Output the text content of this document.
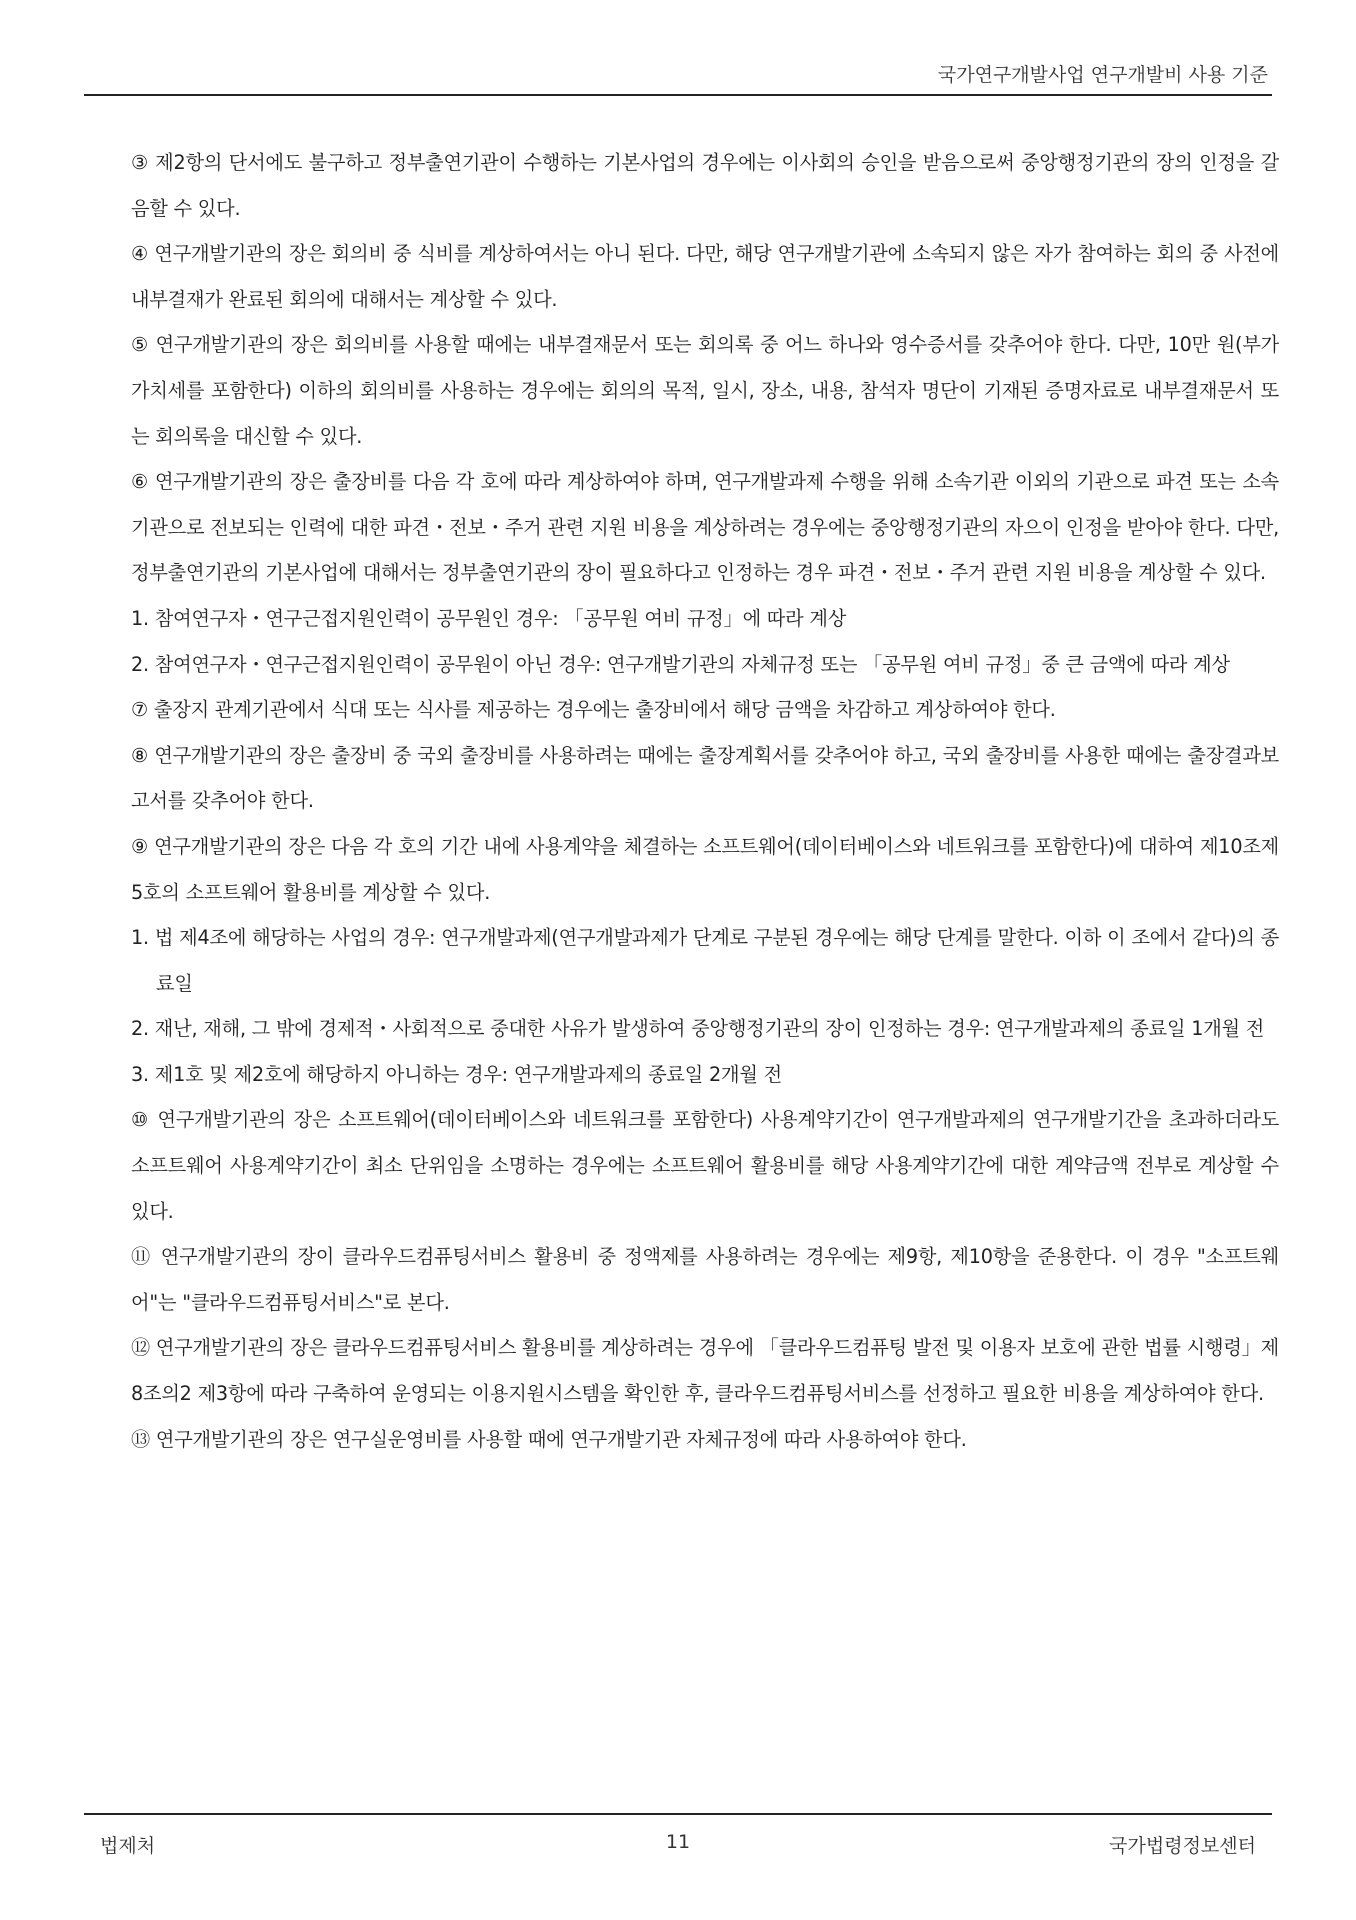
국가연구개발사업 연구개발비 사용 기준

③ 제2항의 단서에도 불구하고 정부출연기관이 수행하는 기본사업의 경우에는 이사회의 승인을 받음으로써 중앙행정기관의 장의 인정을 갈음할 수 있다.

④ 연구개발기관의 장은 회의비 중 식비를 계상하여서는 아니 된다. 다만, 해당 연구개발기관에 소속되지 않은 자가 참여하는 회의 중 사전에 내부결재가 완료된 회의에 대해서는 계상할 수 있다.

⑤ 연구개발기관의 장은 회의비를 사용할 때에는 내부결재문서 또는 회의록 중 어느 하나와 영수증서를 갖추어야 한다. 다만, 10만 원(부가가치세를 포함한다) 이하의 회의비를 사용하는 경우에는 회의의 목적, 일시, 장소, 내용, 참석자 명단이 기재된 증명자료로 내부결재문서 또는 회의록을 대신할 수 있다.

⑥ 연구개발기관의 장은 출장비를 다음 각 호에 따라 계상하여야 하며, 연구개발과제 수행을 위해 소속기관 이외의 기관으로 파견 또는 소속기관으로 전보되는 인력에 대한 파견・전보・주거 관련 지원 비용을 계상하려는 경우에는 중앙행정기관의 자으이 인정을 받아야 한다. 다만, 정부출연기관의 기본사업에 대해서는 정부출연기관의 장이 필요하다고 인정하는 경우 파견・전보・주거 관련 지원 비용을 계상할 수 있다.

1. 참여연구자・연구근접지원인력이 공무원인 경우: 「공무원 여비 규정」에 따라 계상

2. 참여연구자・연구근접지원인력이 공무원이 아닌 경우: 연구개발기관의 자체규정 또는 「공무원 여비 규정」중 큰 금액에 따라 계상

⑦ 출장지 관계기관에서 식대 또는 식사를 제공하는 경우에는 출장비에서 해당 금액을 차감하고 계상하여야 한다.

⑧ 연구개발기관의 장은 출장비 중 국외 출장비를 사용하려는 때에는 출장계획서를 갖추어야 하고, 국외 출장비를 사용한 때에는 출장결과보고서를 갖추어야 한다.

⑨ 연구개발기관의 장은 다음 각 호의 기간 내에 사용계약을 체결하는 소프트웨어(데이터베이스와 네트워크를 포함한다)에 대하여 제10조제5호의 소프트웨어 활용비를 계상할 수 있다.

1. 법 제4조에 해당하는 사업의 경우: 연구개발과제(연구개발과제가 단계로 구분된 경우에는 해당 단계를 말한다. 이하 이 조에서 같다)의 종료일

2. 재난, 재해, 그 밖에 경제적・사회적으로 중대한 사유가 발생하여 중앙행정기관의 장이 인정하는 경우: 연구개발과제의 종료일 1개월 전

3. 제1호 및 제2호에 해당하지 아니하는 경우: 연구개발과제의 종료일 2개월 전

⑩ 연구개발기관의 장은 소프트웨어(데이터베이스와 네트워크를 포함한다) 사용계약기간이 연구개발과제의 연구개발기간을 초과하더라도 소프트웨어 사용계약기간이 최소 단위임을 소명하는 경우에는 소프트웨어 활용비를 해당 사용계약기간에 대한 계약금액 전부로 계상할 수 있다.

⑪ 연구개발기관의 장이 클라우드컴퓨팅서비스 활용비 중 정액제를 사용하려는 경우에는 제9항, 제10항을 준용한다. 이 경우 "소프트웨어"는 "클라우드컴퓨팅서비스"로 본다.

⑫ 연구개발기관의 장은 클라우드컴퓨팅서비스 활용비를 계상하려는 경우에 「클라우드컴퓨팅 발전 및 이용자 보호에 관한 법률 시행령」제8조의2 제3항에 따라 구축하여 운영되는 이용지원시스템을 확인한 후, 클라우드컴퓨팅서비스를 선정하고 필요한 비용을 계상하여야 한다.

⑬ 연구개발기관의 장은 연구실운영비를 사용할 때에 연구개발기관 자체규정에 따라 사용하여야 한다.

법제처	11	국가법령정보센터
